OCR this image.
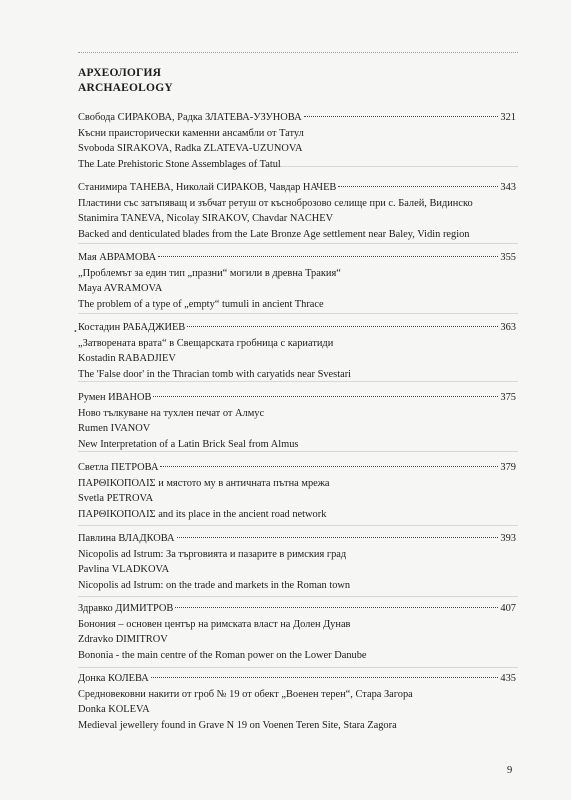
АРХЕОЛОГИЯ
ARCHAEOLOGY
•
Свобода СИРАКОВА, Радка ЗЛАТЕВА-УЗУНОВА	321
Късни праисторически каменни ансамбли от Татул
Svoboda SIRAKOVA, Radka ZLATEVA-UZUNOVA
The Late Prehistoric Stone Assemblages of Tatul
Станимира ТАНЕВА, Николай СИРАКОВ, Чавдар НАЧЕВ	343
Пластини със затъпяващ и зъбчат ретуш от късноброзово селище при с. Балей, Видинско
Stanimira TANEVA, Nicolay SIRAKOV, Chavdar NACHEV
Backed and denticulated blades from the Late Bronze Age settlement near Baley, Vidin region
Мая АВРАМОВА	355
„Проблемът за един тип „празни“ могили в древна Тракия“
Maya AVRAMOVA
The problem of a type of „empty“ tumuli in ancient Thrace
Костадин РАБАДЖИЕВ	363
„Затворената врата“ в Свещарската гробница с кариатиди
Kostadin RABADJIEV
The 'False door' in the Thracian tomb with caryatids near Svestari
Румен ИВАНОВ	375
Ново тълкуване на тухлен печат от Алмус
Rumen IVANOV
New Interpretation of a Latin Brick Seal from Almus
Светла ПЕТРОВА	379
ΠΑΡΘΙΚΟΠΟΛΙΣ и мястото му в античната пътна мрежа
Svetla PETROVA
ΠΑΡΘΙΚΟΠΟΛΙΣ and its place in the ancient road network
Павлина ВЛАДКОВА	393
Nicopolis ad Istrum: За търговията и пазарите в римския град
Pavlina VLADKOVA
Nicopolis ad Istrum: on the trade and markets in the Roman town
Здравко ДИМИТРОВ	407
Бонония – основен център на римската власт на Долен Дунав
Zdravko DIMITROV
Bononia - the main centre of the Roman power on the Lower Danube
Донка КОЛЕВА	435
Средновековни накити от гроб № 19 от обект „Военен терен“, Стара Загора
Donka KOLEVA
Medieval jewellery found in Grave N 19 on Voenen Teren Site, Stara Zagora
9
